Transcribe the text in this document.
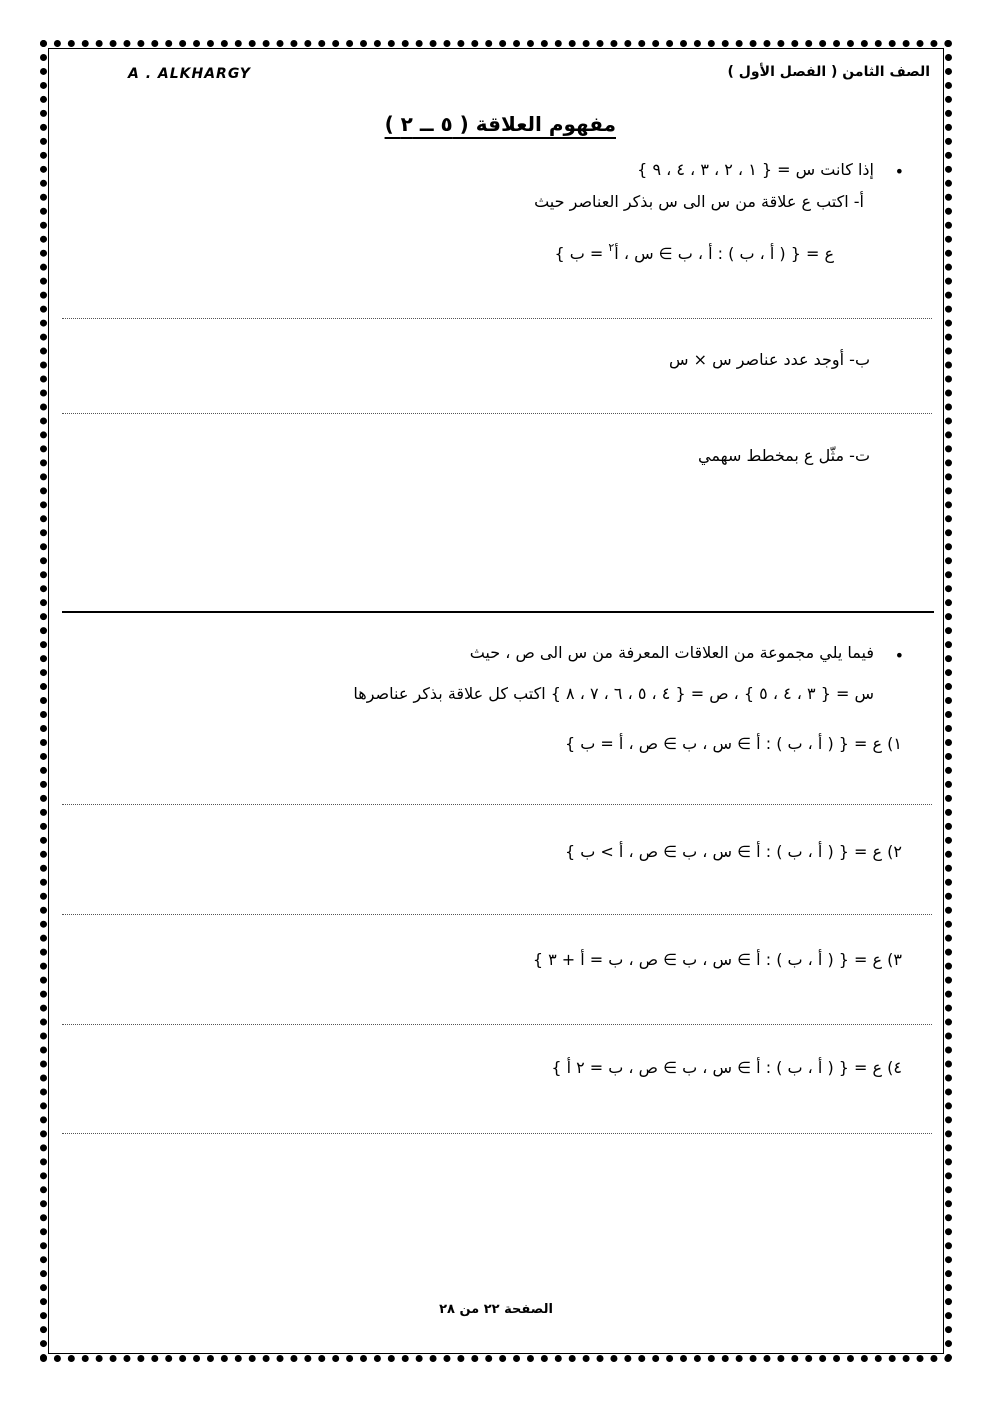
A . ALKHARGY	الصف الثامن ( الفصل الأول )
مفهوم العلاقة ( ٥ ــ ٢ )
•
إذا كانت س = { ١ ، ٢ ، ٣ ، ٤ ، ٩ }
أ- اكتب ع علاقة من س الى س بذكر العناصر حيث
ع = { ( أ ، ب ) : أ ، ب ∋ س ، أ$^٢$ = ب }
ب- أوجد عدد عناصر س × س
ت- مثّل ع بمخطط سهمي
•
فيما يلي مجموعة من العلاقات المعرفة من س الى ص ، حيث
س = { ٣ ، ٤ ، ٥ } ، ص = { ٤ ، ٥ ، ٦ ، ٧ ، ٨ } اكتب كل علاقة بذكر عناصرها
١) ع = { ( أ ، ب ) : أ ∋ س ، ب ∋ ص ، أ = ب }
٢) ع = { ( أ ، ب ) : أ ∋ س ، ب ∋ ص ، أ > ب }
٣) ع = { ( أ ، ب ) : أ ∋ س ، ب ∋ ص ، ب = أ + ٣ }
٤) ع = { ( أ ، ب ) : أ ∋ س ، ب ∋ ص ، ب = ٢ أ }
الصفحة ٢٢ من ٢٨
